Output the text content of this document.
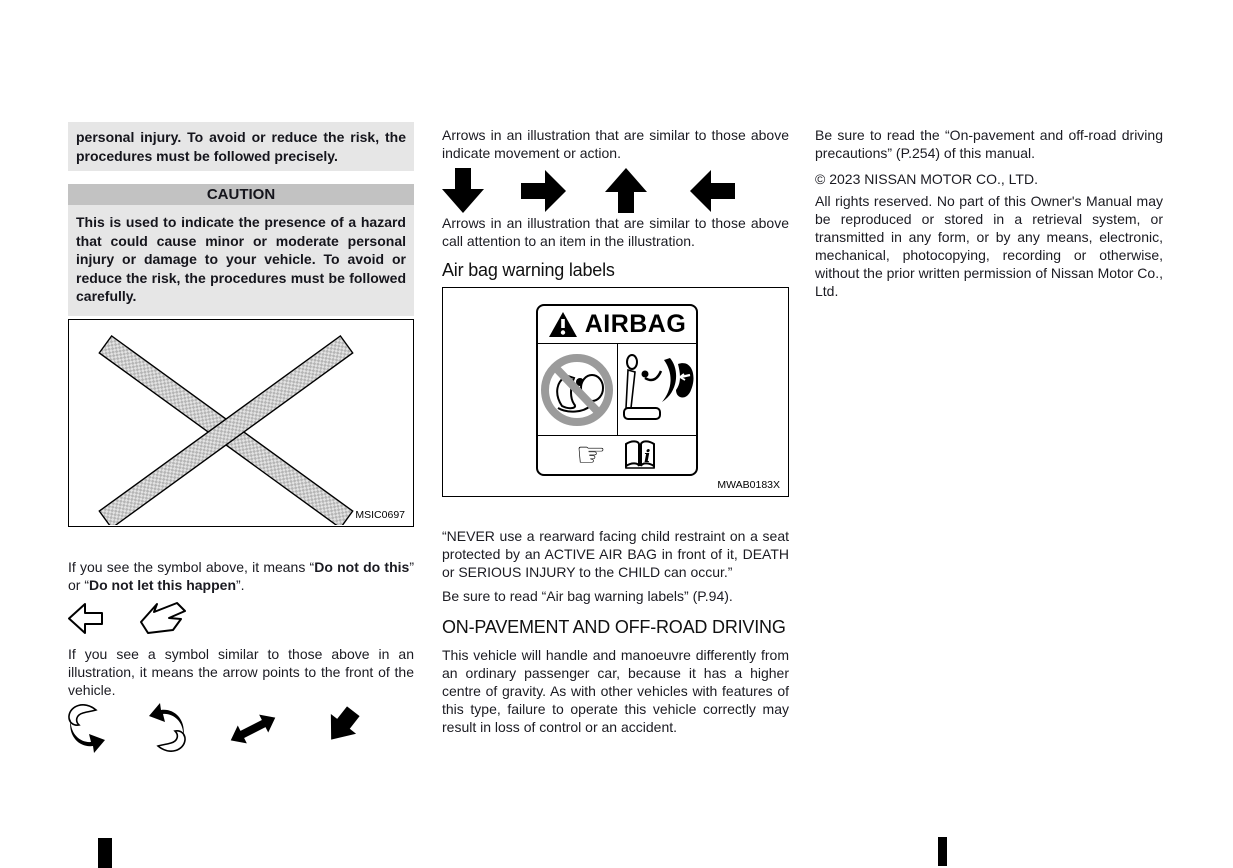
personal injury. To avoid or reduce the risk, the procedures must be followed precisely.
CAUTION
This is used to indicate the presence of a hazard that could cause minor or moderate personal injury or damage to your vehicle. To avoid or reduce the risk, the procedures must be followed carefully.
MSIC0697
If you see the symbol above, it means “Do not do this” or “Do not let this happen”.
If you see a symbol similar to those above in an illustration, it means the arrow points to the front of the vehicle.
Arrows in an illustration that are similar to those above indicate movement or action.
Arrows in an illustration that are similar to those above call attention to an item in the illustration.
Air bag warning labels
AIRBAG
☞ i
MWAB0183X
“NEVER use a rearward facing child restraint on a seat protected by an ACTIVE AIR BAG in front of it, DEATH or SERIOUS INJURY to the CHILD can occur.”
Be sure to read “Air bag warning labels” (P.94).
ON-PAVEMENT AND OFF-ROAD DRIVING
This vehicle will handle and manoeuvre differently from an ordinary passenger car, because it has a higher centre of gravity. As with other vehicles with features of this type, failure to operate this vehicle correctly may result in loss of control or an accident.
Be sure to read the “On-pavement and off-road driving precautions” (P.254) of this manual.
© 2023 NISSAN MOTOR CO., LTD.
All rights reserved. No part of this Owner's Manual may be reproduced or stored in a retrieval system, or transmitted in any form, or by any means, electronic, mechanical, photocopying, recording or otherwise, without the prior written permission of Nissan Motor Co., Ltd.
